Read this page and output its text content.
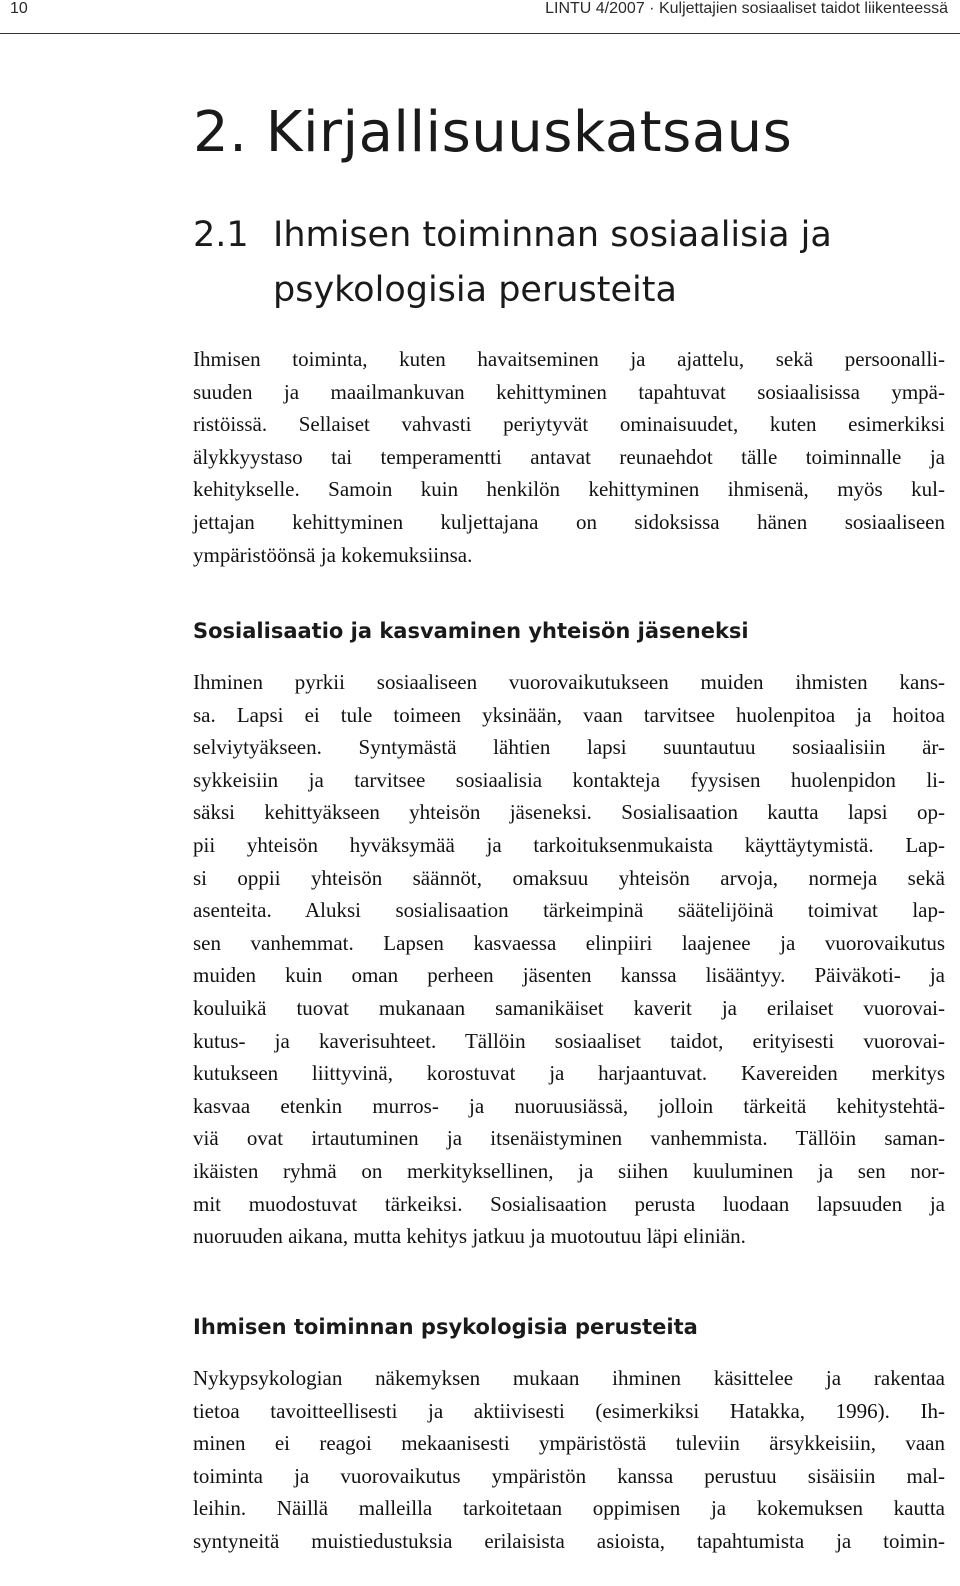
10	LINTU 4/2007 · Kuljettajien sosiaaliset taidot liikenteessä
2. Kirjallisuuskatsaus
2.1 Ihmisen toiminnan sosiaalisia ja
psykologisia perusteita

Ihmisen toiminta, kuten havaitseminen ja ajattelu, sekä persoonalli-
suuden ja maailmankuvan kehittyminen tapahtuvat sosiaalisissa ympä-
ristöissä. Sellaiset vahvasti periytyvät ominaisuudet, kuten esimerkiksi
älykkyystaso tai temperamentti antavat reunaehdot tälle toiminnalle ja
kehitykselle. Samoin kuin henkilön kehittyminen ihmisenä, myös kul-
jettajan kehittyminen kuljettajana on sidoksissa hänen sosiaaliseen
ympäristöönsä ja kokemuksiinsa.

Sosialisaatio ja kasvaminen yhteisön jäseneksi

Ihminen pyrkii sosiaaliseen vuorovaikutukseen muiden ihmisten kans-
sa. Lapsi ei tule toimeen yksinään, vaan tarvitsee huolenpitoa ja hoitoa
selviytyäkseen. Syntymästä lähtien lapsi suuntautuu sosiaalisiin är-
sykkeisiin ja tarvitsee sosiaalisia kontakteja fyysisen huolenpidon li-
säksi kehittyäkseen yhteisön jäseneksi. Sosialisaation kautta lapsi op-
pii yhteisön hyväksymää ja tarkoituksenmukaista käyttäytymistä. Lap-
si oppii yhteisön säännöt, omaksuu yhteisön arvoja, normeja sekä
asenteita. Aluksi sosialisaation tärkeimpinä säätelijöinä toimivat lap-
sen vanhemmat. Lapsen kasvaessa elinpiiri laajenee ja vuorovaikutus
muiden kuin oman perheen jäsenten kanssa lisääntyy. Päiväkoti- ja
kouluikä tuovat mukanaan samanikäiset kaverit ja erilaiset vuorovai-
kutus- ja kaverisuhteet. Tällöin sosiaaliset taidot, erityisesti vuorovai-
kutukseen liittyvinä, korostuvat ja harjaantuvat. Kavereiden merkitys
kasvaa etenkin murros- ja nuoruusiässä, jolloin tärkeitä kehitystehtä-
viä ovat irtautuminen ja itsenäistyminen vanhemmista. Tällöin saman-
ikäisten ryhmä on merkityksellinen, ja siihen kuuluminen ja sen nor-
mit muodostuvat tärkeiksi. Sosialisaation perusta luodaan lapsuuden ja
nuoruuden aikana, mutta kehitys jatkuu ja muotoutuu läpi eliniän.

Ihmisen toiminnan psykologisia perusteita

Nykypsykologian näkemyksen mukaan ihminen käsittelee ja rakentaa
tietoa tavoitteellisesti ja aktiivisesti (esimerkiksi Hatakka, 1996). Ih-
minen ei reagoi mekaanisesti ympäristöstä tuleviin ärsykkeisiin, vaan
toiminta ja vuorovaikutus ympäristön kanssa perustuu sisäisiin mal-
leihin. Näillä malleilla tarkoitetaan oppimisen ja kokemuksen kautta
syntyneitä muistiedustuksia erilaisista asioista, tapahtumista ja toimin-
